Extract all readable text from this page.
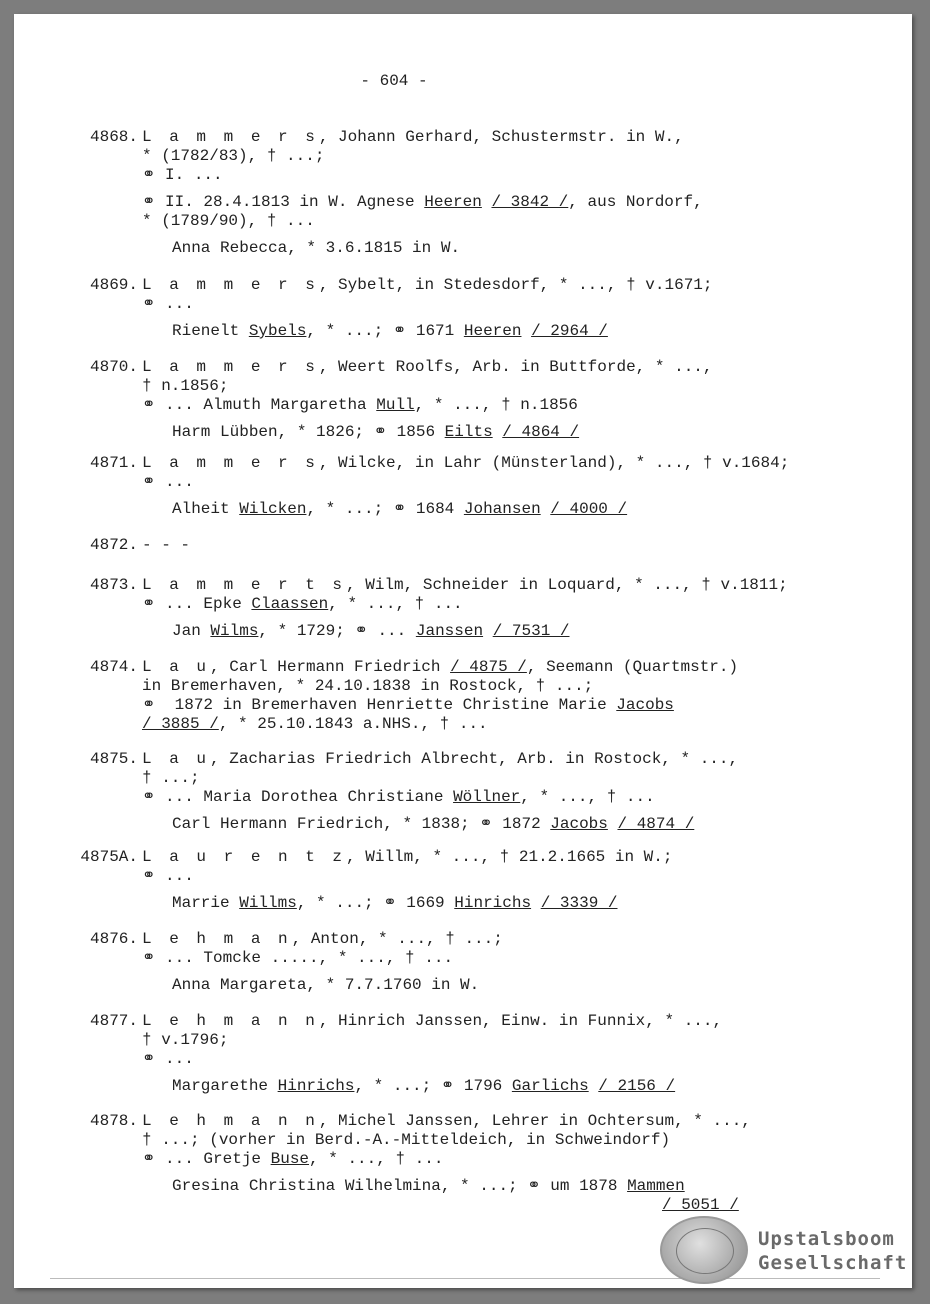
- 604 -
4868. L a m m e r s, Johann Gerhard, Schustermstr. in W.,
* (1782/83), † ...;
⚭ I. ...
⚭ II. 28.4.1813 in W. Agnese Heeren / 3842 /, aus Nordorf,
* (1789/90), † ...
Anna Rebecca, * 3.6.1815 in W.
4869. L a m m e r s, Sybelt, in Stedesdorf, * ..., † v.1671;
⚭ ...
Rienelt Sybels, * ...; ⚭ 1671 Heeren / 2964 /
4870. L a m m e r s, Weert Roolfs, Arb. in Buttforde, * ...,
† n.1856;
⚭ ... Almuth Margaretha Mull, * ..., † n.1856
Harm Lübben, * 1826; ⚭ 1856 Eilts / 4864 /
4871. L a m m e r s, Wilcke, in Lahr (Münsterland), * ..., † v.1684;
⚭ ...
Alheit Wilcken, * ...; ⚭ 1684 Johansen / 4000 /
4872. - - -
4873. L a m m e r t s, Wilm, Schneider in Loquard, * ..., † v.1811;
⚭ ... Epke Claassen, * ..., † ...
Jan Wilms, * 1729; ⚭ ... Janssen / 7531 /
4874. L a u, Carl Hermann Friedrich / 4875 /, Seemann (Quartmstr.)
in Bremerhaven, * 24.10.1838 in Rostock, † ...;
⚭  1872 in Bremerhaven Henriette Christine Marie Jacobs
/ 3885 /, * 25.10.1843 a.NHS., † ...
4875. L a u, Zacharias Friedrich Albrecht, Arb. in Rostock, * ...,
† ...;
⚭ ... Maria Dorothea Christiane Wöllner, * ..., † ...
Carl Hermann Friedrich, * 1838; ⚭ 1872 Jacobs / 4874 /
4875A. L a u r e n t z, Willm, * ..., † 21.2.1665 in W.;
⚭ ...
Marrie Willms, * ...; ⚭ 1669 Hinrichs / 3339 /
4876. L e h m a n, Anton, * ..., † ...;
⚭ ... Tomcke ....., * ..., † ...
Anna Margareta, * 7.7.1760 in W.
4877. L e h m a n n, Hinrich Janssen, Einw. in Funnix, * ...,
† v.1796;
⚭ ...
Margarethe Hinrichs, * ...; ⚭ 1796 Garlichs / 2156 /
4878. L e h m a n n, Michel Janssen, Lehrer in Ochtersum, * ...,
† ...; (vorher in Berd.-A.-Mitteldeich, in Schweindorf)
⚭ ... Gretje Buse, * ..., † ...
Gresina Christina Wilhelmina, * ...; ⚭ um 1878 Mammen
/ 5051 /
Upstalsboom
Gesellschaft
